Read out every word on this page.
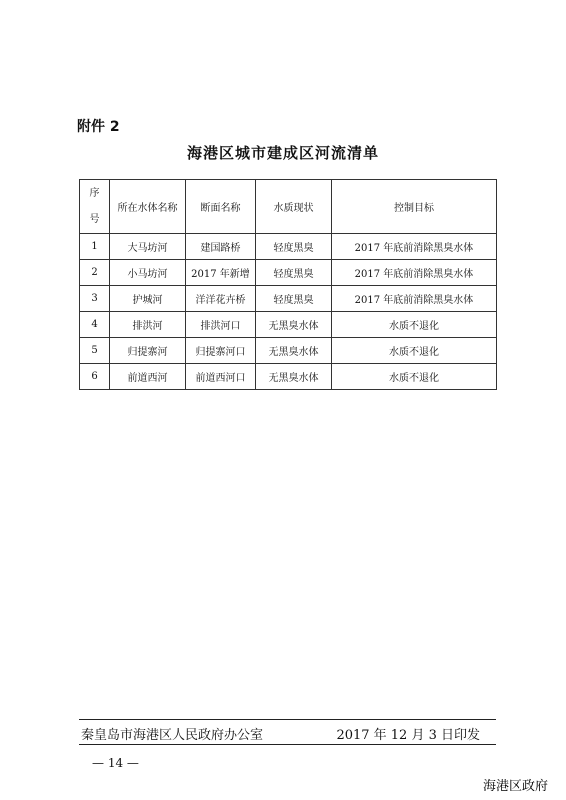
附件 2
海港区城市建成区河流清单
序号	所在水体名称	断面名称	水质现状	控制目标
1	大马坊河	建国路桥	轻度黑臭	2017 年底前消除黑臭水体
2	小马坊河	2017 年新增	轻度黑臭	2017 年底前消除黑臭水体
3	护城河	洋洋花卉桥	轻度黑臭	2017 年底前消除黑臭水体
4	排洪河	排洪河口	无黑臭水体	水质不退化
5	归提寨河	归提寨河口	无黑臭水体	水质不退化
6	前道西河	前道西河口	无黑臭水体	水质不退化
秦皇岛市海港区人民政府办公室	2017 年 12 月 3 日印发
— 14 —
海港区政府
